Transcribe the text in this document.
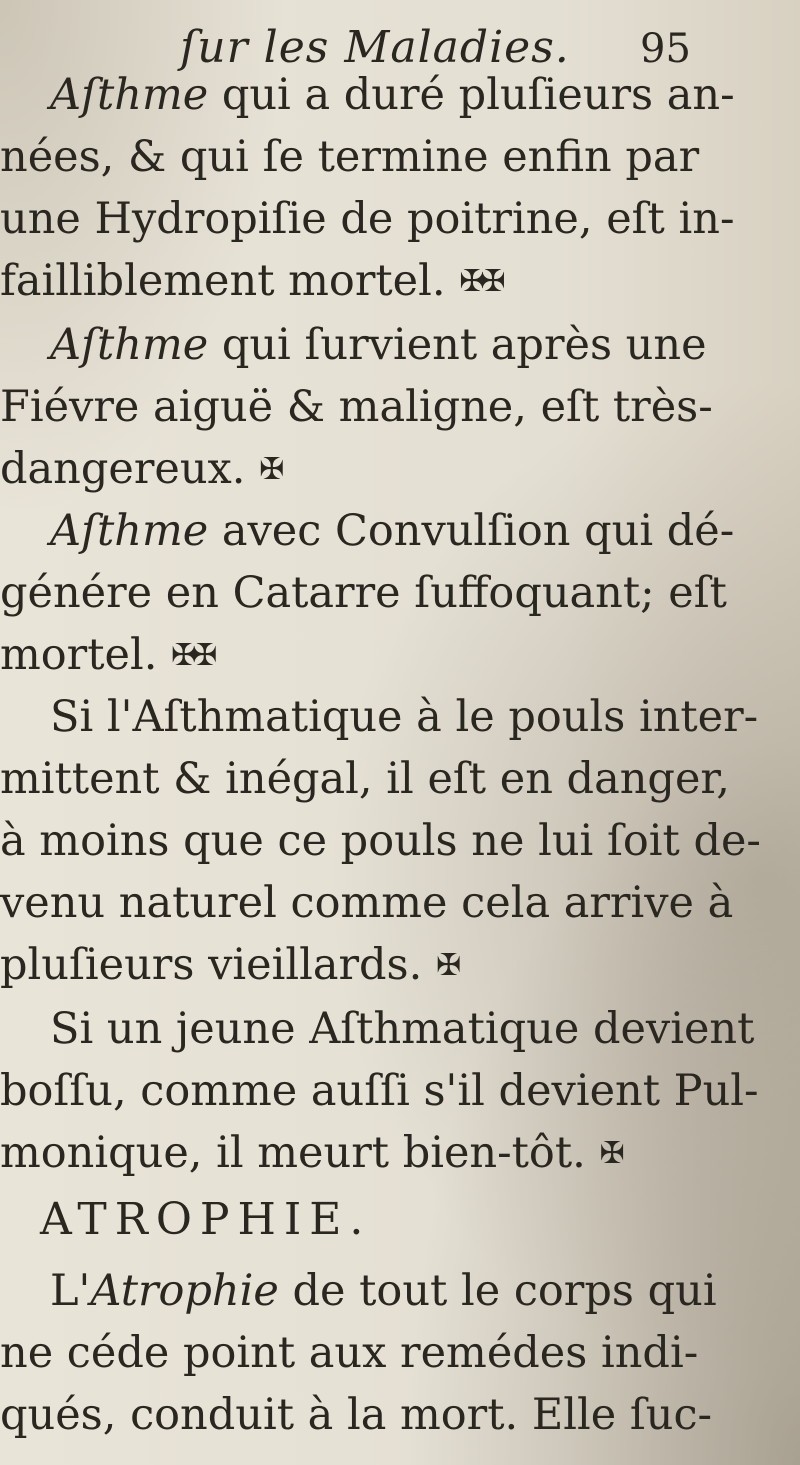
ſur les Maladies. 95
Aſthme qui a duré pluſieurs an-
nées, & qui ſe termine enfin par
une Hydropiſie de poitrine, eſt in-
failliblement mortel. ✠✠
Aſthme qui ſurvient après une
Fiévre aiguë & maligne, eſt très-
dangereux. ✠
Aſthme avec Convulſion qui dé-
génére en Catarre ſuffoquant; eſt
mortel. ✠✠
Si l'Aſthmatique à le pouls inter-
mittent & inégal, il eſt en danger,
à moins que ce pouls ne lui ſoit de-
venu naturel comme cela arrive à
pluſieurs vieillards. ✠
Si un jeune Aſthmatique devient
boſſu, comme auſſi s'il devient Pul-
monique, il meurt bien-tôt. ✠
ATROPHIE.
L'Atrophie de tout le corps qui
ne céde point aux remédes indi-
qués, conduit à la mort. Elle ſuc-
